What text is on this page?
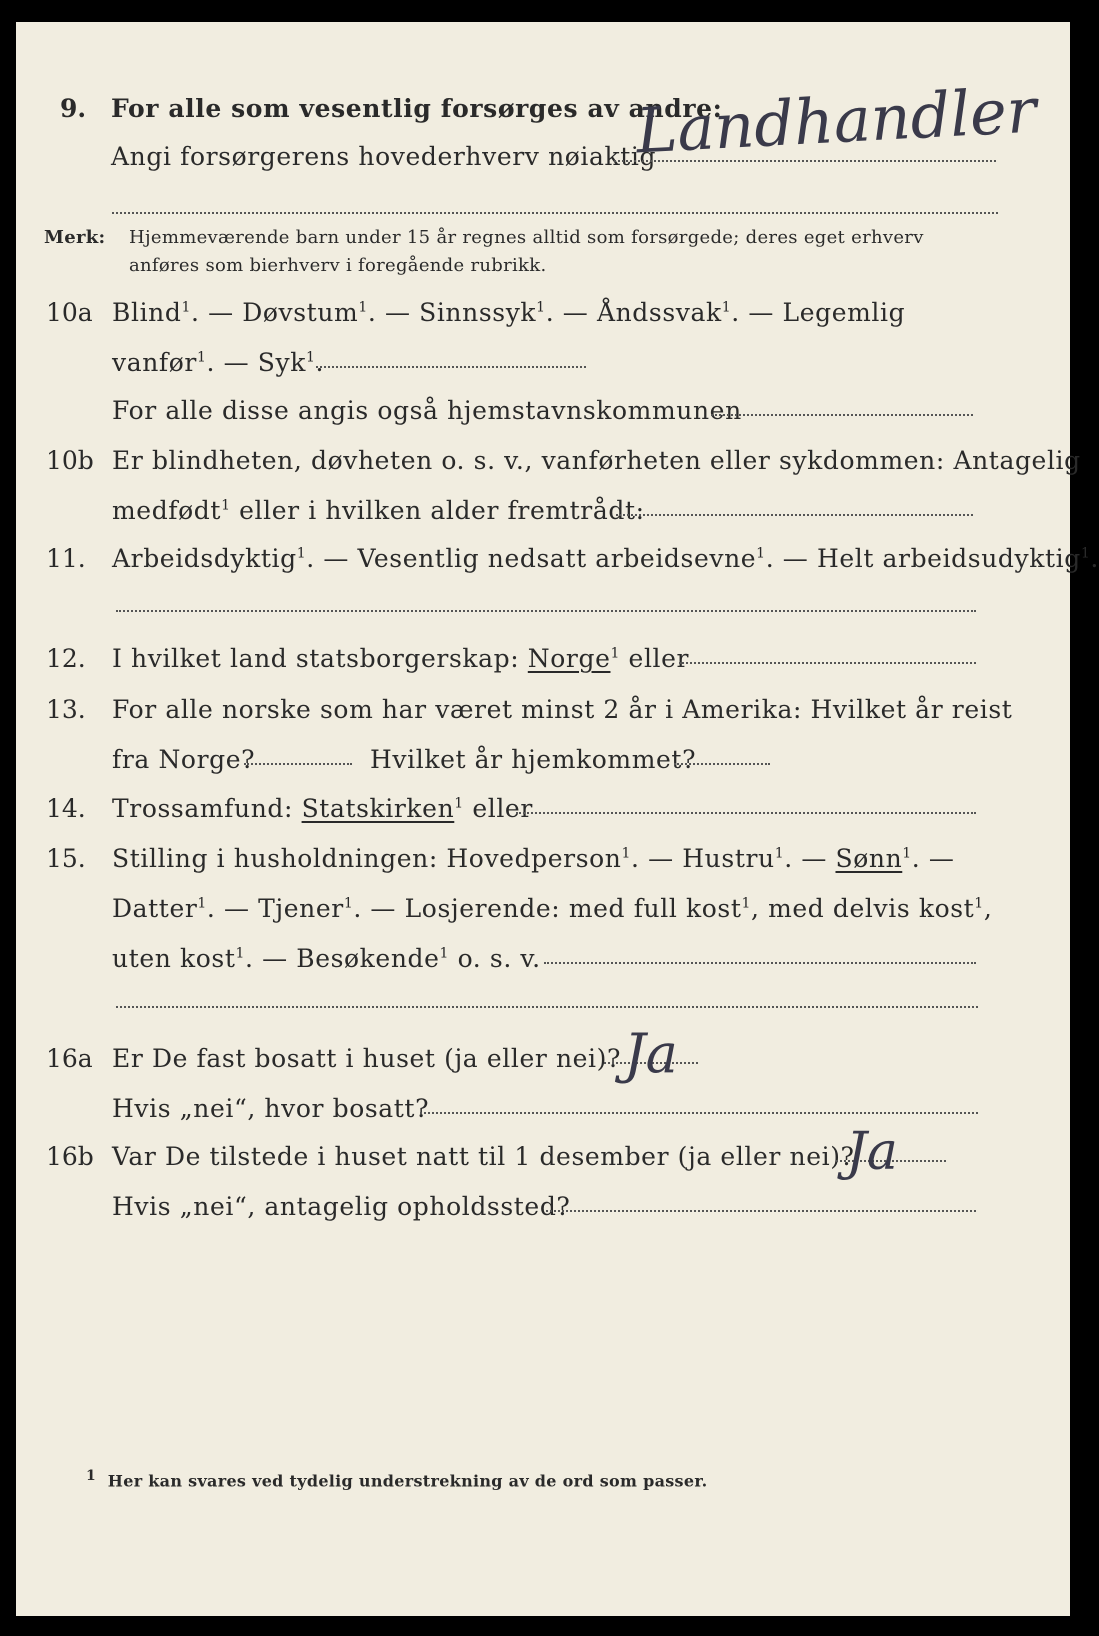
9. For alle som vesentlig forsørges av andre:
Angi forsørgerens hovederhverv nøiaktig
Landhandler
Merk: Hjemmeværende barn under 15 år regnes alltid som forsørgede; deres eget erhverv
anføres som bierhverv i foregående rubrikk.
10a Blind$^1$. — Døvstum$^1$. — Sinnssyk$^1$. — Åndssvak$^1$. — Legemlig
vanfør$^1$. — Syk$^1$.
For alle disse angis også hjemstavnskommunen
10b Er blindheten, døvheten o. s. v., vanførheten eller sykdommen: Antagelig
medfødt$^1$ eller i hvilken alder fremtrådt:
11. Arbeidsdyktig$^1$. — Vesentlig nedsatt arbeidsevne$^1$. — Helt arbeidsudyktig$^1$.
12. I hvilket land statsborgerskap: Norge$^1$ eller
13. For alle norske som har været minst 2 år i Amerika: Hvilket år reist
fra Norge?	Hvilket år hjemkommet?
14. Trossamfund: Statskirken$^1$ eller
15. Stilling i husholdningen: Hovedperson$^1$. — Hustru$^1$. — Sønn$^1$. —
Datter$^1$. — Tjener$^1$. — Losjerende: med full kost$^1$, med delvis kost$^1$,
uten kost$^1$. — Besøkende$^1$ o. s. v.
16a Er De fast bosatt i huset (ja eller nei)? Ja
Hvis „nei“, hvor bosatt?
16b Var De tilstede i huset natt til 1 desember (ja eller nei)?
Ja
Hvis „nei“, antagelig opholdssted?
1 Her kan svares ved tydelig understrekning av de ord som passer.
